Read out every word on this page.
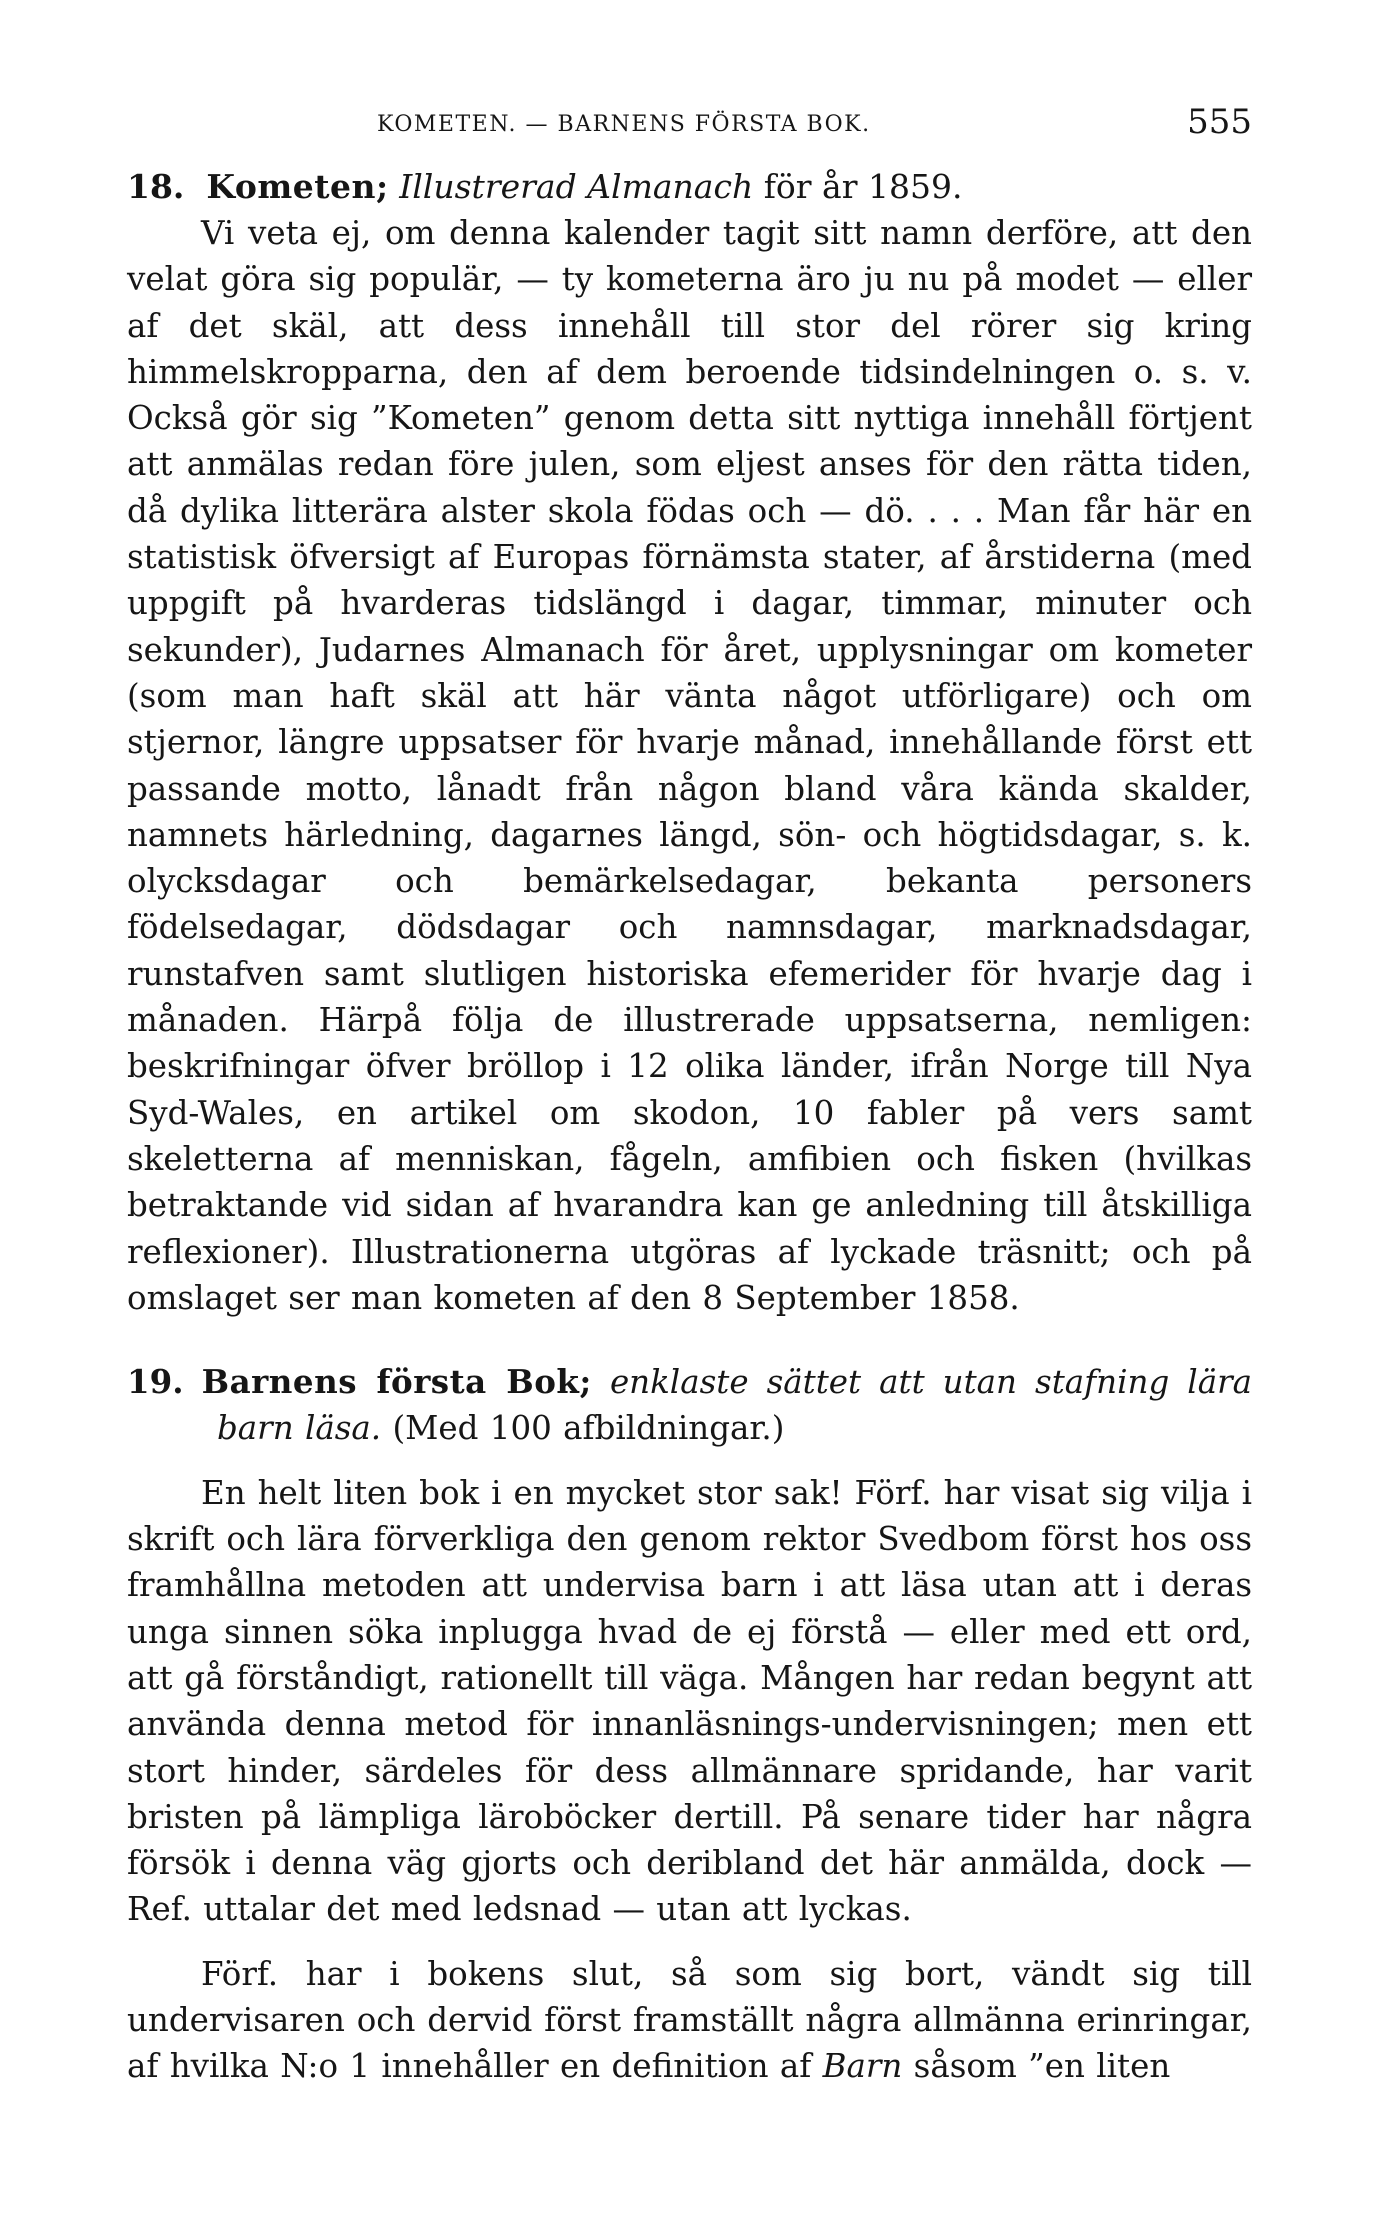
KOMETEN. — BARNENS FÖRSTA BOK.	555
18. Kometen; Illustrerad Almanach för år 1859.

Vi veta ej, om denna kalender tagit sitt namn derföre, att den velat göra sig populär, — ty kometerna äro ju nu på modet — eller af det skäl, att dess innehåll till stor del rörer sig kring himmelskropparna, den af dem beroende tidsindelningen o. s. v. Också gör sig ”Kometen” genom detta sitt nyttiga innehåll förtjent att anmälas redan före julen, som eljest anses för den rätta tiden, då dylika litterära alster skola födas och — dö. . . . Man får här en statistisk öfversigt af Europas förnämsta stater, af årstiderna (med uppgift på hvarderas tidslängd i dagar, timmar, minuter och sekunder), Judarnes Almanach för året, upplysningar om kometer (som man haft skäl att här vänta något utförligare) och om stjernor, längre uppsatser för hvarje månad, innehållande först ett passande motto, lånadt från någon bland våra kända skalder, namnets härledning, dagarnes längd, sön- och högtidsdagar, s. k. olycksdagar och bemärkelsedagar, bekanta personers födelsedagar, dödsdagar och namnsdagar, marknadsdagar, runstafven samt slutligen historiska efemerider för hvarje dag i månaden. Härpå följa de illustrerade uppsatserna, nemligen: beskrifningar öfver bröllop i 12 olika länder, ifrån Norge till Nya Syd-Wales, en artikel om skodon, 10 fabler på vers samt skeletterna af menniskan, fågeln, amfibien och fisken (hvilkas betraktande vid sidan af hvarandra kan ge anledning till åtskilliga reflexioner). Illustrationerna utgöras af lyckade träsnitt; och på omslaget ser man kometen af den 8 September 1858.

19. Barnens första Bok; enklaste sättet att utan stafning lära barn läsa. (Med 100 afbildningar.)

En helt liten bok i en mycket stor sak! Förf. har visat sig vilja i skrift och lära förverkliga den genom rektor Svedbom först hos oss framhållna metoden att undervisa barn i att läsa utan att i deras unga sinnen söka inplugga hvad de ej förstå — eller med ett ord, att gå förståndigt, rationellt till väga. Mången har redan begynt att använda denna metod för innanläsnings-undervisningen; men ett stort hinder, särdeles för dess allmännare spridande, har varit bristen på lämpliga läroböcker dertill. På senare tider har några försök i denna väg gjorts och deribland det här anmälda, dock — Ref. uttalar det med ledsnad — utan att lyckas.

Förf. har i bokens slut, så som sig bort, vändt sig till undervisaren och dervid först framställt några allmänna erinringar, af hvilka N:o 1 innehåller en definition af Barn såsom ”en liten
